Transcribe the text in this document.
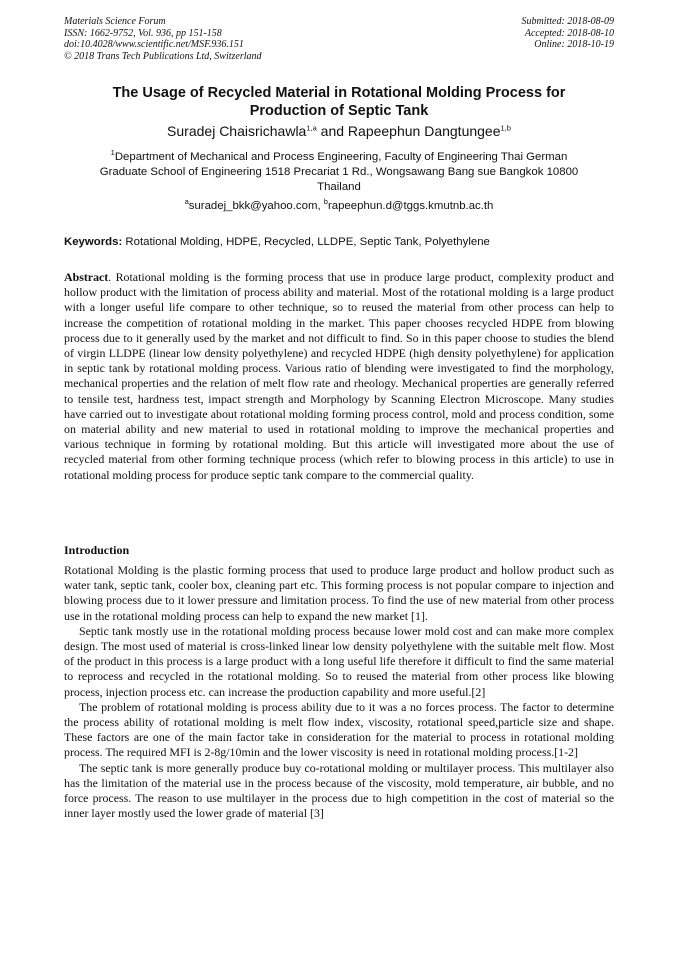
Materials Science Forum
ISSN: 1662-9752, Vol. 936, pp 151-158
doi:10.4028/www.scientific.net/MSF.936.151
© 2018 Trans Tech Publications Ltd, Switzerland
Submitted: 2018-08-09
Accepted: 2018-08-10
Online: 2018-10-19
The Usage of Recycled Material in Rotational Molding Process for
Production of Septic Tank
Suradej Chaisrichawla$^{1,a}$ and Rapeephun Dangtungee$^{1,b}$
$^1$Department of Mechanical and Process Engineering, Faculty of Engineering Thai German
Graduate School of Engineering 1518 Precariat 1 Rd., Wongsawang Bang sue Bangkok 10800
Thailand
$^a$suradej_bkk@yahoo.com, $^b$rapeephun.d@tggs.kmutnb.ac.th
Keywords: Rotational Molding, HDPE, Recycled, LLDPE, Septic Tank, Polyethylene
Abstract. Rotational molding is the forming process that use in produce large product, complexity product and hollow product with the limitation of process ability and material. Most of the rotational molding is a large product with a longer useful life compare to other technique, so to reused the material from other process can help to increase the competition of rotational molding in the market. This paper chooses recycled HDPE from blowing process due to it generally used by the market and not difficult to find. So in this paper choose to studies the blend of virgin LLDPE (linear low density polyethylene) and recycled HDPE (high density polyethylene) for application in septic tank by rotational molding process. Various ratio of blending were investigated to find the morphology, mechanical properties and the relation of melt flow rate and rheology. Mechanical properties are generally referred to tensile test, hardness test, impact strength and Morphology by Scanning Electron Microscope. Many studies have carried out to investigate about rotational molding forming process control, mold and process condition, some on material ability and new material to used in rotational molding to improve the mechanical properties and various technique in forming by rotational molding. But this article will investigated more about the use of recycled material from other forming technique process (which refer to blowing process in this article) to use in rotational molding process for produce septic tank compare to the commercial quality.
Introduction

Rotational Molding is the plastic forming process that used to produce large product and hollow product such as water tank, septic tank, cooler box, cleaning part etc. This forming process is not popular compare to injection and blowing process due to it lower pressure and limitation process. To find the use of new material from other process use in the rotational molding process can help to expand the new market [1].

Septic tank mostly use in the rotational molding process because lower mold cost and can make more complex design. The most used of material is cross-linked linear low density polyethylene with the suitable melt flow. Most of the product in this process is a large product with a long useful life therefore it difficult to find the same material to reprocess and recycled in the rotational molding. So to reused the material from other process like blowing process, injection process etc. can increase the production capability and more useful.[2]

The problem of rotational molding is process ability due to it was a no forces process. The factor to determine the process ability of rotational molding is melt flow index, viscosity, rotational speed,particle size and shape. These factors are one of the main factor take in consideration for the material to process in rotational molding process. The required MFI is 2-8g/10min and the lower viscosity is need in rotational molding process.[1-2]

The septic tank is more generally produce buy co-rotational molding or multilayer process. This multilayer also has the limitation of the material use in the process because of the viscosity, mold temperature, air bubble, and no force process. The reason to use multilayer in the process due to high competition in the cost of material so the inner layer mostly used the lower grade of material [3]
